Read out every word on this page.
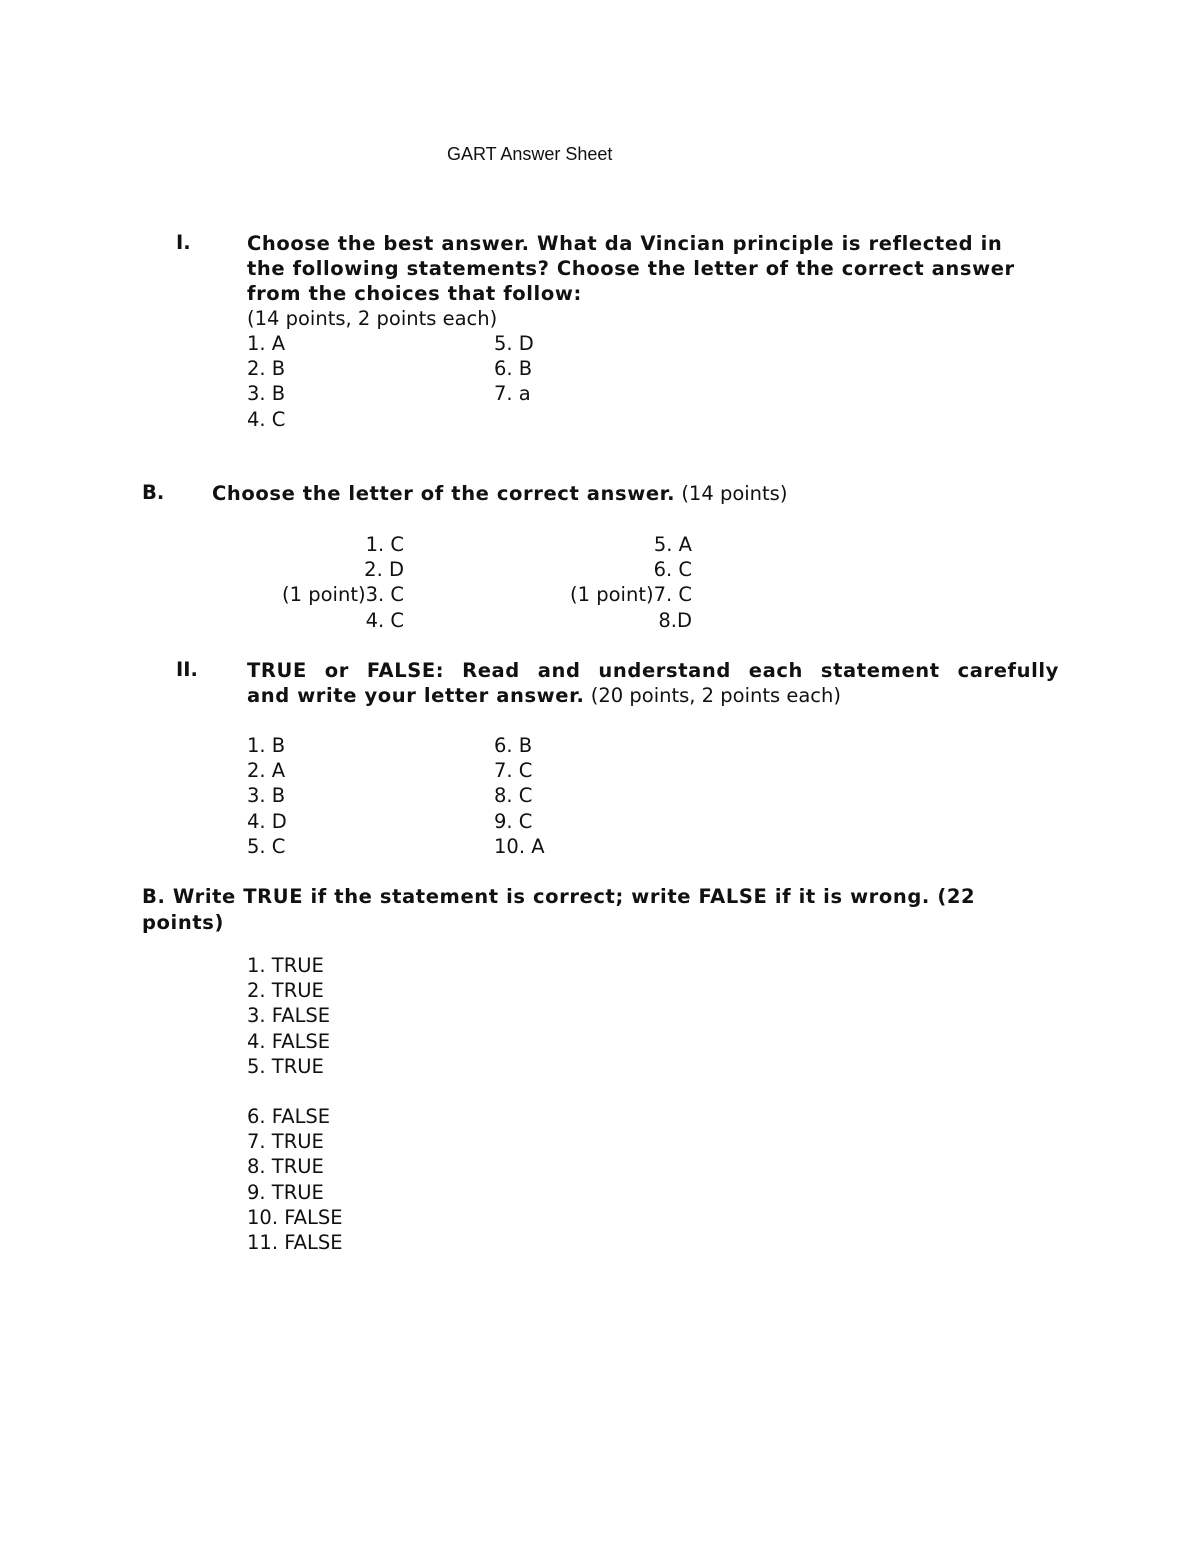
GART Answer Sheet
I.	Choose the best answer. What da Vincian principle is reflected in
the following statements? Choose the letter of the correct answer
from the choices that follow:
(14 points, 2 points each)
1. A
2. B
3. B
4. C
5. D
6. B
7. a
B. Choose the letter of the correct answer. (14 points)
1. C
2. D
(1 point)3. C
4. C
5. A
6. C
(1 point)7. C
8.D
II.	TRUE or FALSE: Read and understand each statement carefully
and write your letter answer. (20 points, 2 points each)
1. B
2. A
3. B
4. D
5. C
6. B
7. C
8. C
9. C
10. A
B. Write TRUE if the statement is correct; write FALSE if it is wrong. (22
points)
1. TRUE
2. TRUE
3. FALSE
4. FALSE
5. TRUE
6. FALSE
7. TRUE
8. TRUE
9. TRUE
10. FALSE
11. FALSE
